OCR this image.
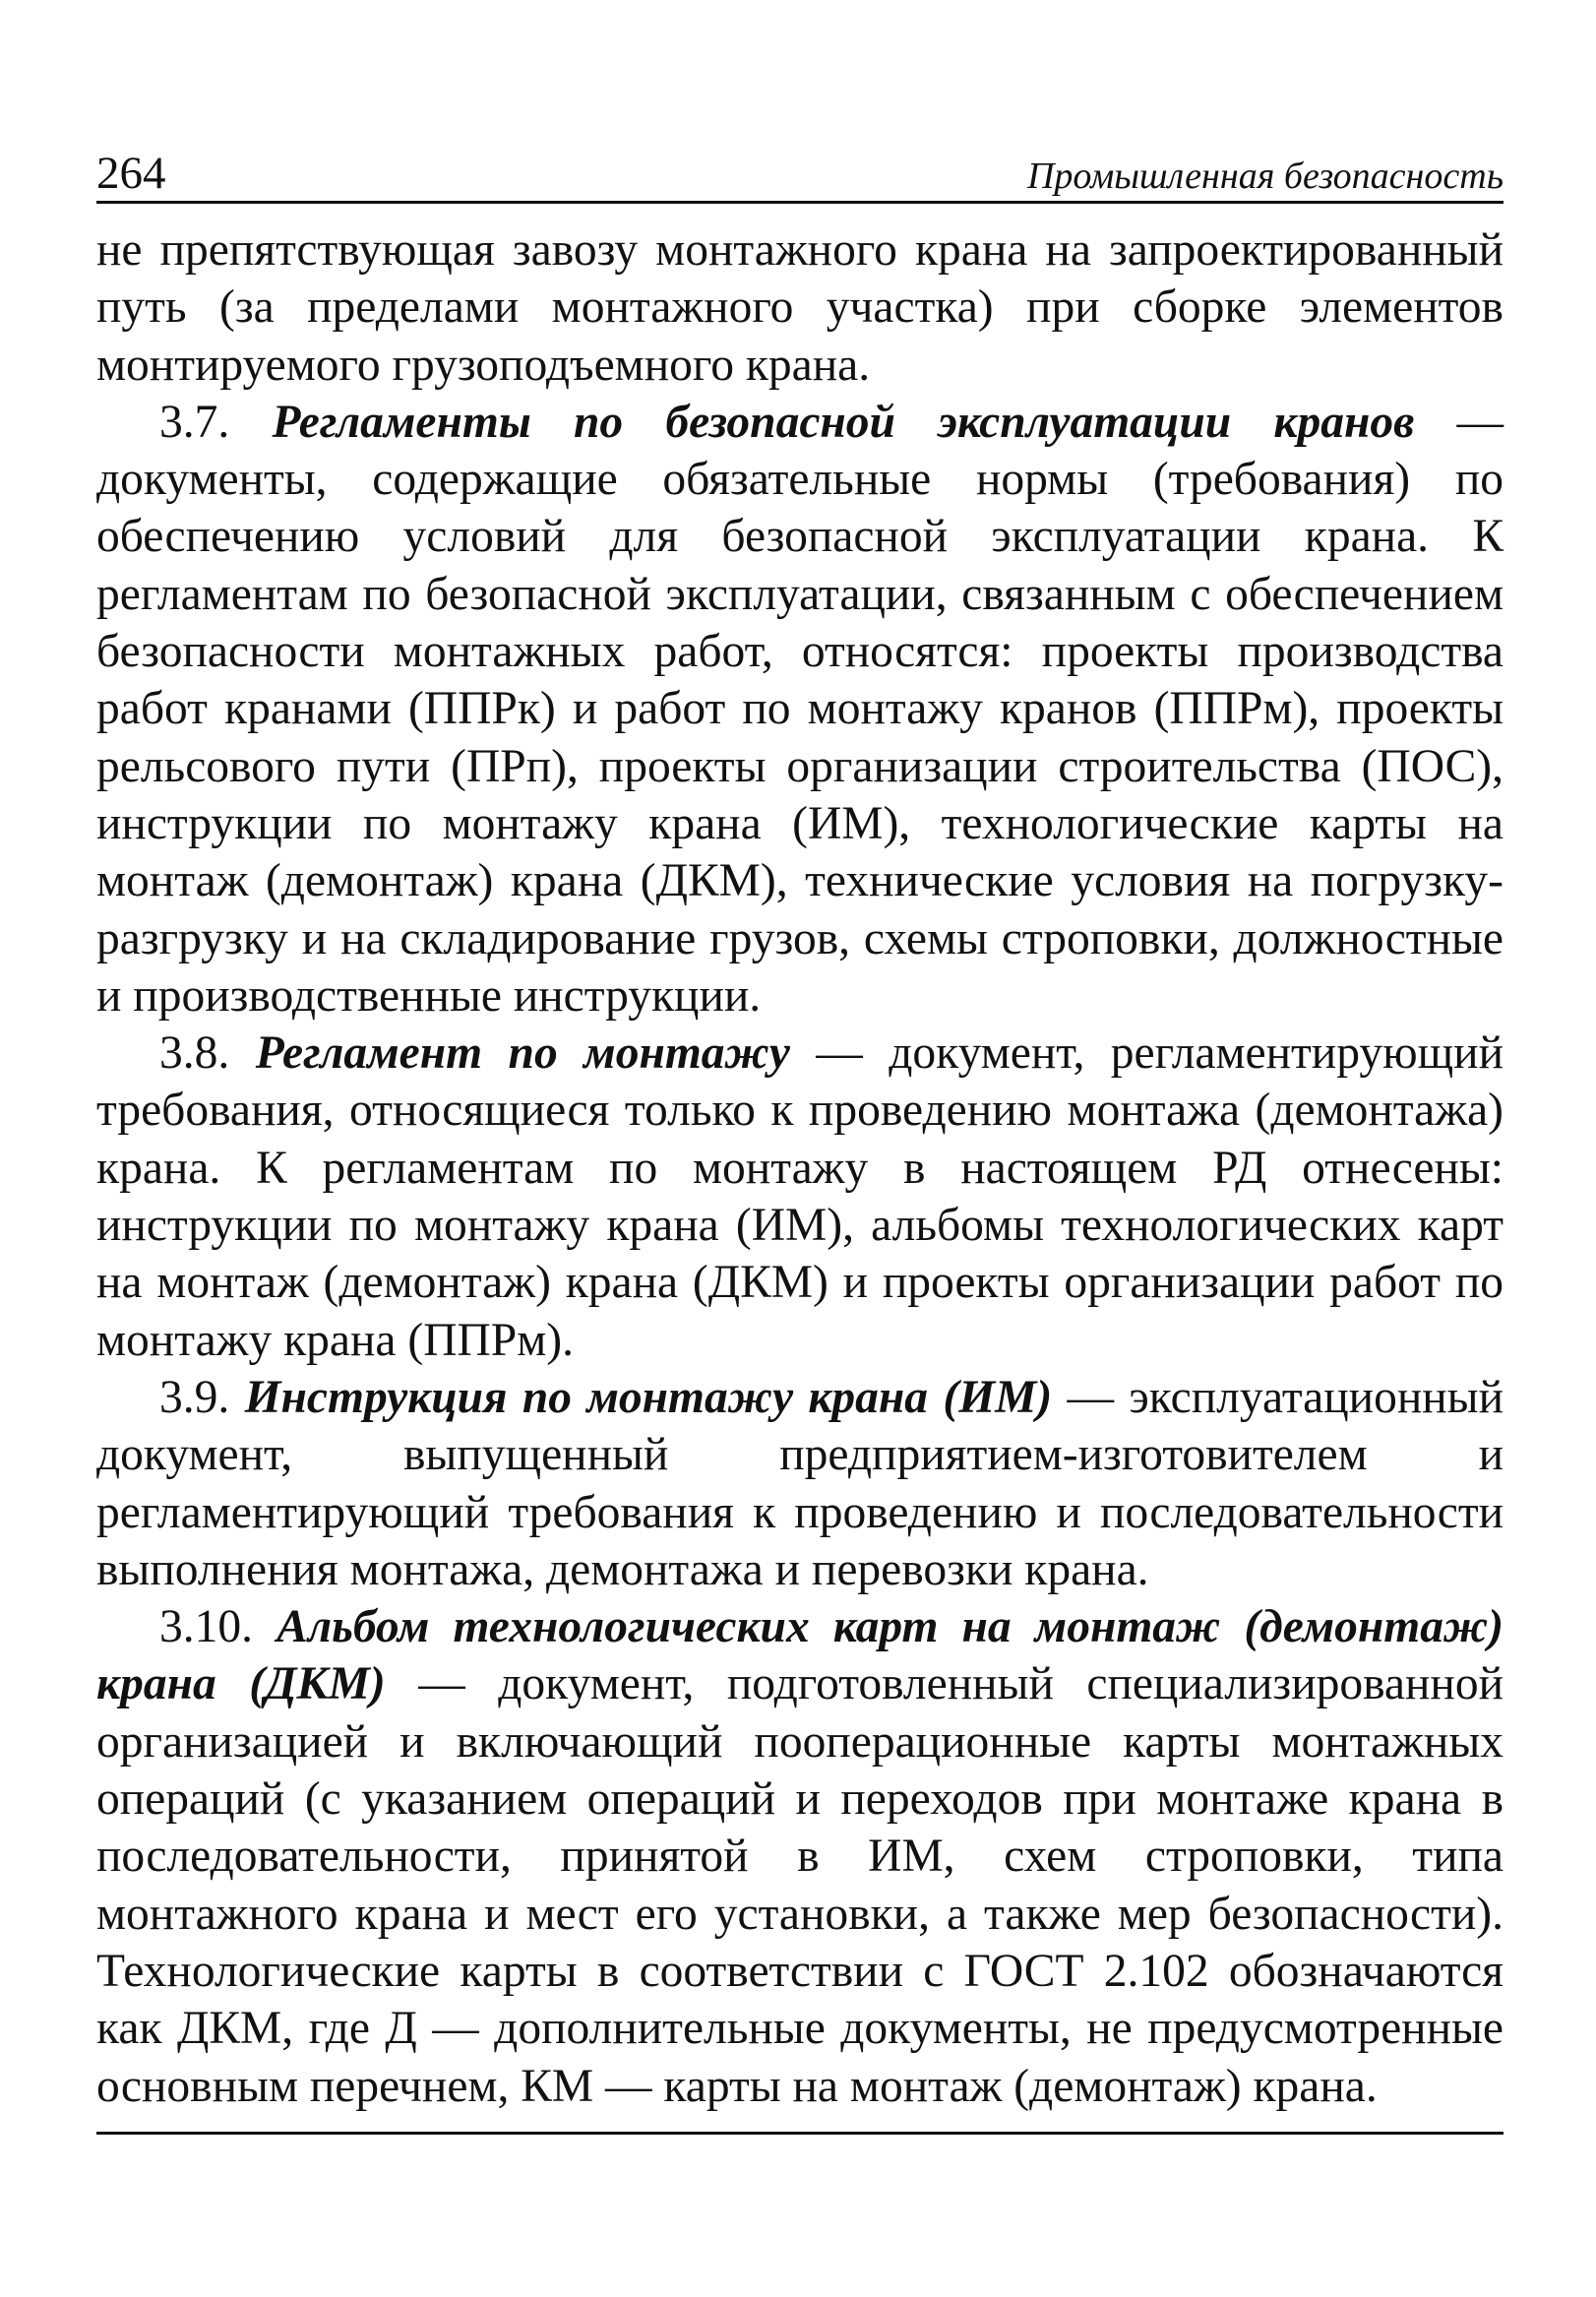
264	Промышленная безопасность

не препятствующая завозу монтажного крана на запроектированный путь (за пределами монтажного участка) при сборке элементов монтируемого грузоподъемного крана.

3.7. Регламенты по безопасной эксплуатации кранов — документы, содержащие обязательные нормы (требования) по обеспечению условий для безопасной эксплуатации крана. К регламентам по безопасной эксплуатации, связанным с обеспечением безопасности монтажных работ, относятся: проекты производства работ кранами (ППРк) и работ по монтажу кранов (ППРм), проекты рельсового пути (ПРп), проекты организации строительства (ПОС), инструкции по монтажу крана (ИМ), технологические карты на монтаж (демонтаж) крана (ДКМ), технические условия на погрузку-разгрузку и на складирование грузов, схемы строповки, должностные и производственные инструкции.

3.8. Регламент по монтажу — документ, регламентирующий требования, относящиеся только к проведению монтажа (демонтажа) крана. К регламентам по монтажу в настоящем РД отнесены: инструкции по монтажу крана (ИМ), альбомы технологических карт на монтаж (демонтаж) крана (ДКМ) и проекты организации работ по монтажу крана (ППРм).

3.9. Инструкция по монтажу крана (ИМ) — эксплуатационный документ, выпущенный предприятием-изготовителем и регламентирующий требования к проведению и последовательности выполнения монтажа, демонтажа и перевозки крана.

3.10. Альбом технологических карт на монтаж (демонтаж) крана (ДКМ) — документ, подготовленный специализированной организацией и включающий пооперационные карты монтажных операций (с указанием операций и переходов при монтаже крана в последовательности, принятой в ИМ, схем строповки, типа монтажного крана и мест его установки, а также мер безопасности). Технологические карты в соответствии с ГОСТ 2.102 обозначаются как ДКМ, где Д — дополнительные документы, не предусмотренные основным перечнем, КМ — карты на монтаж (демонтаж) крана.
